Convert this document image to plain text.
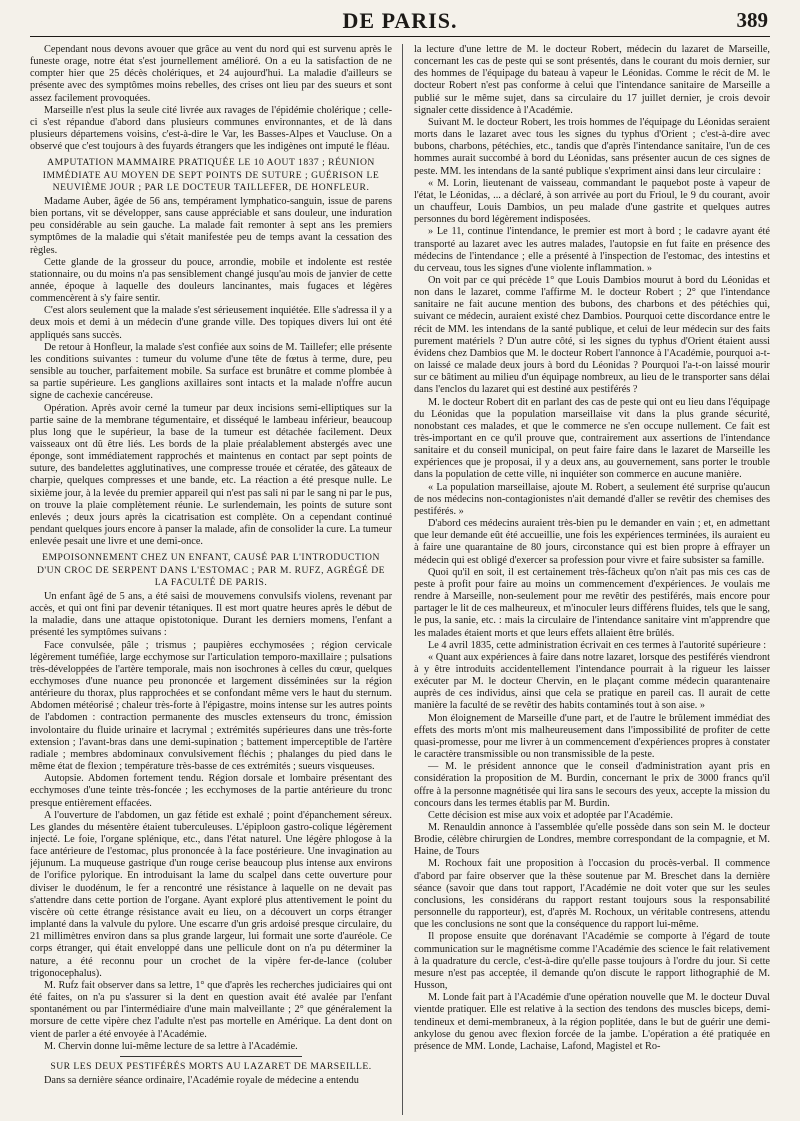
DE PARIS.	389

Cependant nous devons avouer que grâce au vent du nord qui est survenu après le funeste orage, notre état s'est journellement amélioré. On a eu la satisfaction de ne compter hier que 25 décès cholériques, et 24 aujourd'hui. La maladie d'ailleurs se présente avec des symptômes moins rebelles, des crises ont lieu par des sueurs et sont assez facilement provoquées.

Marseille n'est plus la seule cité livrée aux ravages de l'épidémie cholérique ; celle-ci s'est répandue d'abord dans plusieurs communes environnantes, et de là dans plusieurs départemens voisins, c'est-à-dire le Var, les Basses-Alpes et Vaucluse. On a observé que c'est toujours à des fuyards étrangers que les indigènes ont imputé le fléau.

AMPUTATION MAMMAIRE PRATIQUÉE LE 10 AOUT 1837 ; RÉUNION IMMÉDIATE AU MOYEN DE SEPT POINTS DE SUTURE ; GUÉRISON LE NEUVIÈME JOUR ; PAR LE DOCTEUR TAILLEFER, DE HONFLEUR.

Madame Auber, âgée de 56 ans, tempérament lymphatico-sanguin, issue de parens bien portans, vit se développer, sans cause appréciable et sans douleur, une induration peu considérable au sein gauche. La malade fait remonter à sept ans les premiers symptômes de la maladie qui s'était manifestée peu de temps avant la cessation des règles.

Cette glande de la grosseur du pouce, arrondie, mobile et indolente est restée stationnaire, ou du moins n'a pas sensiblement changé jusqu'au mois de janvier de cette année, époque à laquelle des douleurs lancinantes, mais fugaces et légères commencèrent à s'y faire sentir.

C'est alors seulement que la malade s'est sérieusement inquiétée. Elle s'adressa il y a deux mois et demi à un médecin d'une grande ville. Des topiques divers lui ont été appliqués sans succès.

De retour à Honfleur, la malade s'est confiée aux soins de M. Taillefer; elle présente les conditions suivantes : tumeur du volume d'une tête de fœtus à terme, dure, peu sensible au toucher, parfaitement mobile. Sa surface est brunâtre et comme plombée à sa partie supérieure. Les ganglions axillaires sont intacts et la malade n'offre aucun signe de cachexie cancéreuse.

Opération. Après avoir cerné la tumeur par deux incisions semi-elliptiques sur la partie saine de la membrane tégumentaire, et disséqué le lambeau inférieur, beaucoup plus long que le supérieur, la base de la tumeur est détachée facilement. Deux vaisseaux ont dû être liés. Les bords de la plaie préalablement abstergés avec une éponge, sont immédiatement rapprochés et maintenus en contact par sept points de suture, des bandelettes agglutinatives, une compresse trouée et cératée, des gâteaux de charpie, quelques compresses et une bande, etc. La réaction a été presque nulle. Le sixième jour, à la levée du premier appareil qui n'est pas sali ni par le sang ni par le pus, on trouve la plaie complètement réunie. Le surlendemain, les points de suture sont enlevés ; deux jours après la cicatrisation est complète. On a cependant continué pendant quelques jours encore à panser la malade, afin de consolider la cure. La tumeur enlevée pesait une livre et une demi-once.

EMPOISONNEMENT CHEZ UN ENFANT, CAUSÉ PAR L'INTRODUCTION D'UN CROC DE SERPENT DANS L'ESTOMAC ; PAR M. RUFZ, AGRÉGÉ DE LA FACULTÉ DE PARIS.

Un enfant âgé de 5 ans, a été saisi de mouvemens convulsifs violens, revenant par accès, et qui ont fini par devenir tétaniques. Il est mort quatre heures après le début de la maladie, dans une attaque opistotonique. Durant les derniers momens, l'enfant a présenté les symptômes suivans :

Face convulsée, pâle ; trismus ; paupières ecchymosées ; région cervicale légèrement tuméfiée, large ecchymose sur l'articulation temporo-maxillaire ; pulsations très-développées de l'artère temporale, mais non isochrones à celles du cœur, quelques ecchymoses d'une nuance peu prononcée et largement disséminées sur la région antérieure du thorax, plus rapprochées et se confondant même vers le haut du sternum. Abdomen météorisé ; chaleur très-forte à l'épigastre, moins intense sur les autres points de l'abdomen : contraction permanente des muscles extenseurs du tronc, émission involontaire du fluide urinaire et lacrymal ; extrémités supérieures dans une très-forte extension ; l'avant-bras dans une demi-supination ; battement imperceptible de l'artère radiale ; membres abdominaux convulsivement fléchis ; phalanges du pied dans le même état de flexion ; température très-basse de ces extrémités ; sueurs visqueuses.

Autopsie. Abdomen fortement tendu. Région dorsale et lombaire présentant des ecchymoses d'une teinte très-foncée ; les ecchymoses de la partie antérieure du tronc presque entièrement effacées.

A l'ouverture de l'abdomen, un gaz fétide est exhalé ; point d'épanchement séreux. Les glandes du mésentère étaient tuberculeuses. L'épiploon gastro-colique légèrement injecté. Le foie, l'organe splénique, etc., dans l'état naturel. Une légère phlogose à la face antérieure de l'estomac, plus prononcée à la face postérieure. Une invagination au jéjunum. La muqueuse gastrique d'un rouge cerise beaucoup plus intense aux environs de l'orifice pylorique. En introduisant la lame du scalpel dans cette ouverture pour diviser le duodénum, le fer a rencontré une résistance à laquelle on ne devait pas s'attendre dans cette portion de l'organe. Ayant exploré plus attentivement le point du viscère où cette étrange résistance avait eu lieu, on a découvert un corps étranger implanté dans la valvule du pylore. Une escarre d'un gris ardoisé presque circulaire, du 21 millimètres environ dans sa plus grande largeur, lui formait une sorte d'auréole. Ce corps étranger, qui était enveloppé dans une pellicule dont on n'a pu déterminer la nature, a été reconnu pour un crochet de la vipère fer-de-lance (coluber trigonocephalus).

M. Rufz fait observer dans sa lettre, 1° que d'après les recherches judiciaires qui ont été faites, on n'a pu s'assurer si la dent en question avait été avalée par l'enfant spontanément ou par l'intermédiaire d'une main malveillante ; 2° que généralement la morsure de cette vipère chez l'adulte n'est pas mortelle en Amérique. La dent dont on vient de parler a été envoyée à l'Académie.

M. Chervin donne lui-même lecture de sa lettre à l'Académie.

SUR LES DEUX PESTIFÉRÉS MORTS AU LAZARET DE MARSEILLE.

Dans sa dernière séance ordinaire, l'Académie royale de médecine a entendu

la lecture d'une lettre de M. le docteur Robert, médecin du lazaret de Marseille, concernant les cas de peste qui se sont présentés, dans le courant du mois dernier, sur des hommes de l'équipage du bateau à vapeur le Léonidas. Comme le récit de M. le docteur Robert n'est pas conforme à celui que l'intendance sanitaire de Marseille a publié sur le même sujet, dans sa circulaire du 17 juillet dernier, je crois devoir signaler cette dissidence à l'Académie.

Suivant M. le docteur Robert, les trois hommes de l'équipage du Léonidas seraient morts dans le lazaret avec tous les signes du typhus d'Orient ; c'est-à-dire avec bubons, charbons, pétéchies, etc., tandis que d'après l'intendance sanitaire, l'un de ces hommes aurait succombé à bord du Léonidas, sans présenter aucun de ces signes de peste. MM. les intendans de la santé publique s'expriment ainsi dans leur circulaire :

« M. Lorin, lieutenant de vaisseau, commandant le paquebot poste à vapeur de l'état, le Léonidas, ... a déclaré, à son arrivée au port du Frioul, le 9 du courant, avoir un chauffeur, Louis Dambios, un peu malade d'une gastrite et quelques autres personnes du bord légèrement indisposées.

» Le 11, continue l'intendance, le premier est mort à bord ; le cadavre ayant été transporté au lazaret avec les autres malades, l'autopsie en fut faite en présence des médecins de l'intendance ; elle a présenté à l'inspection de l'estomac, des intestins et du cerveau, tous les signes d'une violente inflammation. »

On voit par ce qui précède 1° que Louis Dambios mourut à bord du Léonidas et non dans le lazaret, comme l'affirme M. le docteur Robert ; 2° que l'intendance sanitaire ne fait aucune mention des bubons, des charbons et des pétéchies qui, suivant ce médecin, auraient existé chez Dambios. Pourquoi cette discordance entre le récit de MM. les intendans de la santé publique, et celui de leur médecin sur des faits purement matériels ? D'un autre côté, si les signes du typhus d'Orient étaient aussi évidens chez Dambios que M. le docteur Robert l'annonce à l'Académie, pourquoi a-t-on laissé ce malade deux jours à bord du Léonidas ? Pourquoi l'a-t-on laissé mourir sur ce bâtiment au milieu d'un équipage nombreux, au lieu de le transporter sans délai dans l'enclos du lazaret qui est destiné aux pestiférés ?

M. le docteur Robert dit en parlant des cas de peste qui ont eu lieu dans l'équipage du Léonidas que la population marseillaise vit dans la plus grande sécurité, nonobstant ces malades, et que le commerce ne s'en occupe nullement. Ce fait est très-important en ce qu'il prouve que, contrairement aux assertions de l'intendance sanitaire et du conseil municipal, on peut faire faire dans le lazaret de Marseille les expériences que je proposai, il y a deux ans, au gouvernement, sans porter le trouble dans la population de cette ville, ni inquiéter son commerce en aucune manière.

« La population marseillaise, ajoute M. Robert, a seulement été surprise qu'aucun de nos médecins non-contagionistes n'ait demandé d'aller se revêtir des chemises des pestiférés. »

D'abord ces médecins auraient très-bien pu le demander en vain ; et, en admettant que leur demande eût été accueillie, une fois les expériences terminées, ils auraient eu à faire une quarantaine de 80 jours, circonstance qui est bien propre à effrayer un médecin qui est obligé d'exercer sa profession pour vivre et faire subsister sa famille.

Quoi qu'il en soit, il est certainement très-fâcheux qu'on n'ait pas mis ces cas de peste à profit pour faire au moins un commencement d'expériences. Je voulais me rendre à Marseille, non-seulement pour me revêtir des pestiférés, mais encore pour partager le lit de ces malheureux, et m'inoculer leurs différens fluides, tels que le sang, le pus, la sanie, etc. : mais la circulaire de l'intendance sanitaire vint m'apprendre que les malades étaient morts et que leurs effets allaient être brûlés.

Le 4 avril 1835, cette administration écrivait en ces termes à l'autorité supérieure :

« Quant aux expériences à faire dans notre lazaret, lorsque des pestiférés viendront à y être introduits accidentellement l'intendance pourrait à la rigueur les laisser exécuter par M. le docteur Chervin, en le plaçant comme médecin quarantenaire auprès de ces individus, ainsi que cela se pratique en pareil cas. Il aurait de cette manière la faculté de se revêtir des habits contaminés tout à son aise. »

Mon éloignement de Marseille d'une part, et de l'autre le brûlement immédiat des effets des morts m'ont mis malheureusement dans l'impossibilité de profiter de cette quasi-promesse, pour me livrer à un commencement d'expériences propres à constater le caractère transmissible ou non transmissible de la peste.

— M. le président annonce que le conseil d'administration ayant pris en considération la proposition de M. Burdin, concernant le prix de 3000 francs qu'il offre à la personne magnétisée qui lira sans le secours des yeux, accepte la mission du concours dans les termes établis par M. Burdin.

Cette décision est mise aux voix et adoptée par l'Académie.

M. Renauldin annonce à l'assemblée qu'elle possède dans son sein M. le docteur Brodie, célèbre chirurgien de Londres, membre correspondant de la compagnie, et M. Haine, de Tours

M. Rochoux fait une proposition à l'occasion du procès-verbal. Il commence d'abord par faire observer que la thèse soutenue par M. Breschet dans la dernière séance (savoir que dans tout rapport, l'Académie ne doit voter que sur les seules conclusions, les considérans du rapport restant toujours sous la responsabilité personnelle du rapporteur), est, d'après M. Rochoux, un véritable contresens, attendu que les conclusions ne sont que la conséquence du rapport lui-même.

Il propose ensuite que dorénavant l'Académie se comporte à l'égard de toute communication sur le magnétisme comme l'Académie des science le fait relativement à la quadrature du cercle, c'est-à-dire qu'elle passe toujours à l'ordre du jour. Si cette mesure n'est pas acceptée, il demande qu'on discute le rapport lithographié de M. Husson,

M. Londe fait part à l'Académie d'une opération nouvelle que M. le docteur Duval vientde pratiquer. Elle est relative à la section des tendons des muscles biceps, demi-tendineux et demi-membraneux, à la région poplitée, dans le but de guérir une demi-ankylose du genou avec flexion forcée de la jambe. L'opération a été pratiquée en présence de MM. Londe, Lachaise, Lafond, Magistel et Ro-
